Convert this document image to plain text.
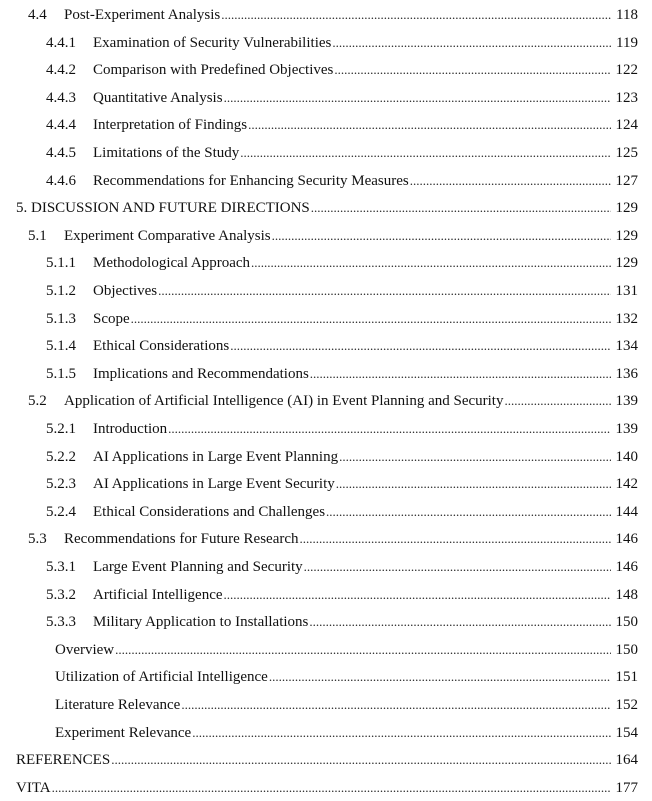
4.4 Post-Experiment Analysis .....	118
4.4.1 Examination of Security Vulnerabilities .....	119
4.4.2 Comparison with Predefined Objectives .....	122
4.4.3 Quantitative Analysis .....	123
4.4.4 Interpretation of Findings .....	124
4.4.5 Limitations of the Study .....	125
4.4.6 Recommendations for Enhancing Security Measures .....	127
5. DISCUSSION AND FUTURE DIRECTIONS .....	129
5.1 Experiment Comparative Analysis .....	129
5.1.1 Methodological Approach .....	129
5.1.2 Objectives .....	131
5.1.3 Scope .....	132
5.1.4 Ethical Considerations .....	134
5.1.5 Implications and Recommendations .....	136
5.2 Application of Artificial Intelligence (AI) in Event Planning and Security .....	139
5.2.1 Introduction .....	139
5.2.2 AI Applications in Large Event Planning .....	140
5.2.3 AI Applications in Large Event Security .....	142
5.2.4 Ethical Considerations and Challenges .....	144
5.3 Recommendations for Future Research .....	146
5.3.1 Large Event Planning and Security .....	146
5.3.2 Artificial Intelligence .....	148
5.3.3 Military Application to Installations .....	150
Overview .....	150
Utilization of Artificial Intelligence .....	151
Literature Relevance .....	152
Experiment Relevance .....	154
REFERENCES .....	164
VITA .....	177
